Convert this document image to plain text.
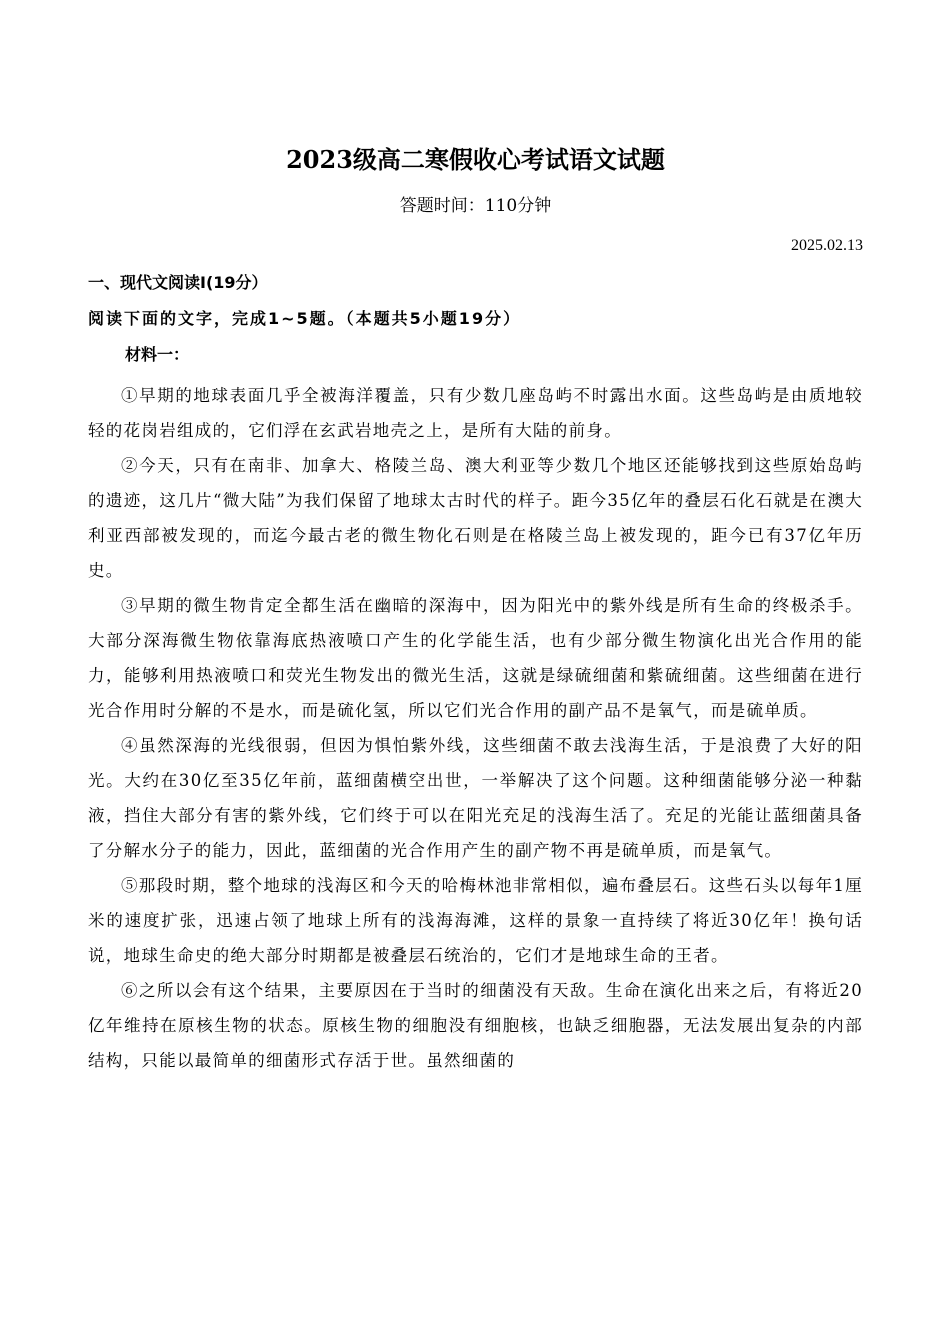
2023级高二寒假收心考试语文试题
答题时间：110分钟
2025.02.13
一、现代文阅读I(19分）
阅读下面的文字，完成1~5题。（本题共5小题19分）
材料一：

①早期的地球表面几乎全被海洋覆盖，只有少数几座岛屿不时露出水面。这些岛屿是由质地较轻的花岗岩组成的，它们浮在玄武岩地壳之上，是所有大陆的前身。

②今天，只有在南非、加拿大、格陵兰岛、澳大利亚等少数几个地区还能够找到这些原始岛屿的遗迹，这几片“微大陆”为我们保留了地球太古时代的样子。距今35亿年的叠层石化石就是在澳大利亚西部被发现的，而迄今最古老的微生物化石则是在格陵兰岛上被发现的，距今已有37亿年历史。

③早期的微生物肯定全都生活在幽暗的深海中，因为阳光中的紫外线是所有生命的终极杀手。大部分深海微生物依靠海底热液喷口产生的化学能生活，也有少部分微生物演化出光合作用的能力，能够利用热液喷口和荧光生物发出的微光生活，这就是绿硫细菌和紫硫细菌。这些细菌在进行光合作用时分解的不是水，而是硫化氢，所以它们光合作用的副产品不是氧气，而是硫单质。

④虽然深海的光线很弱，但因为惧怕紫外线，这些细菌不敢去浅海生活，于是浪费了大好的阳光。大约在30亿至35亿年前，蓝细菌横空出世，一举解决了这个问题。这种细菌能够分泌一种黏液，挡住大部分有害的紫外线，它们终于可以在阳光充足的浅海生活了。充足的光能让蓝细菌具备了分解水分子的能力，因此，蓝细菌的光合作用产生的副产物不再是硫单质，而是氧气。

⑤那段时期，整个地球的浅海区和今天的哈梅林池非常相似，遍布叠层石。这些石头以每年1厘米的速度扩张，迅速占领了地球上所有的浅海海滩，这样的景象一直持续了将近30亿年！换句话说，地球生命史的绝大部分时期都是被叠层石统治的，它们才是地球生命的王者。

⑥之所以会有这个结果，主要原因在于当时的细菌没有天敌。生命在演化出来之后，有将近20亿年维持在原核生物的状态。原核生物的细胞没有细胞核，也缺乏细胞器，无法发展出复杂的内部结构，只能以最简单的细菌形式存活于世。虽然细菌的
